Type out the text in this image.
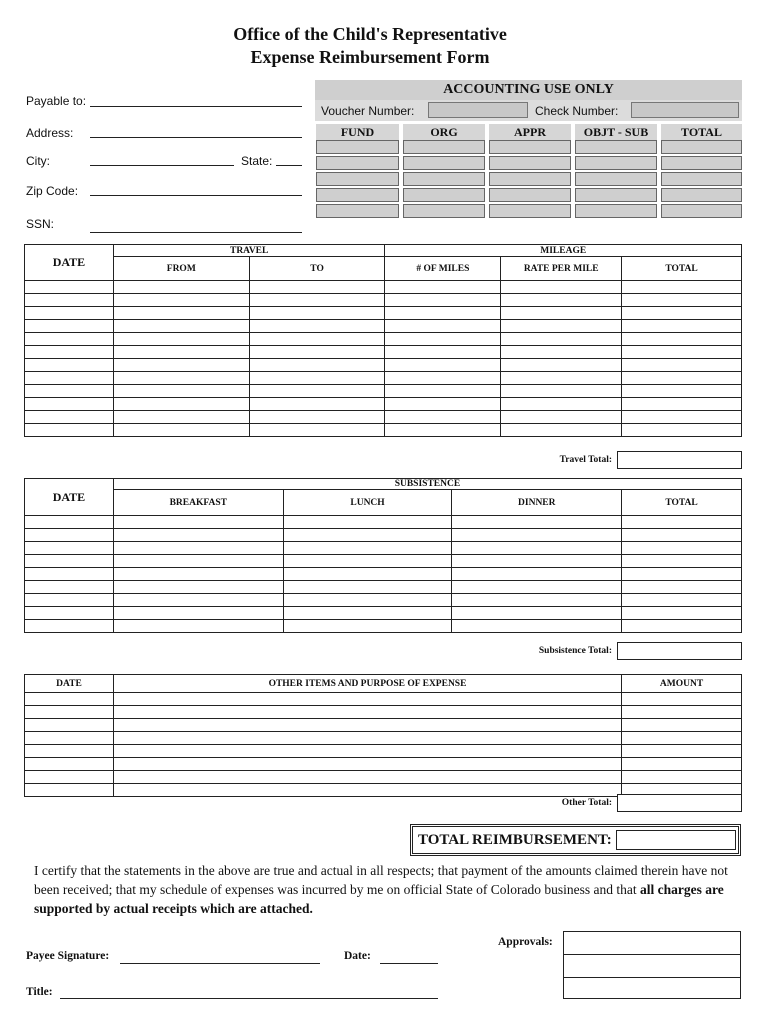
Office of the Child's Representative
Expense Reimbursement Form
Payable to:
Address:
City:	State:
Zip Code:
SSN:
ACCOUNTING USE ONLY
Voucher Number:	Check Number:
FUND	ORG	APPR	OBJT - SUB	TOTAL
DATE	TRAVEL		MILEAGE		
	FROM	TO	# OF MILES	RATE PER MILE	TOTAL

Travel Total:
DATE	SUBSISTENCE			
	BREAKFAST	LUNCH	DINNER	TOTAL

Subsistence Total:
DATE	OTHER ITEMS AND PURPOSE OF EXPENSE	AMOUNT

Other Total:
TOTAL REIMBURSEMENT:
I certify that the statements in the above are true and actual in all respects; that payment of the amounts claimed therein have not been received; that my schedule of expenses was incurred by me on official State of Colorado business and that all charges are supported by actual receipts which are attached.
Approvals:
Payee Signature:	Date:
Title:
